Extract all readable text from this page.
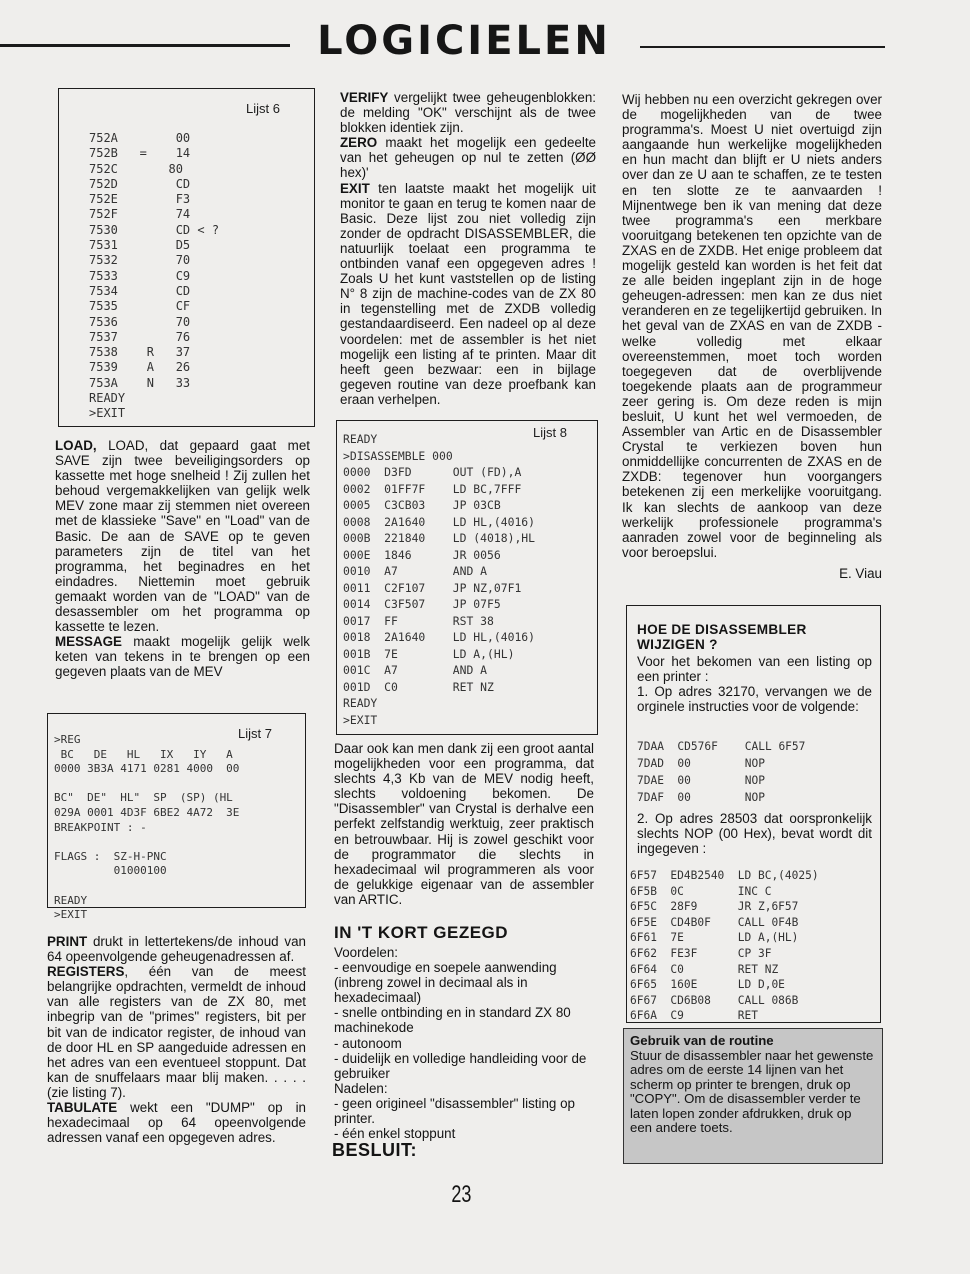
LOGICIELEN
Lijst 6
752A        00
752B   =    14
752C       80
752D        CD
752E        F3
752F        74
7530        CD < ?
7531        D5
7532        70
7533        C9
7534        CD
7535        CF
7536        70
7537        76
7538    R   37
7539    A   26
753A    N   33
READY
>EXIT

LOAD, LOAD, dat gepaard gaat met SAVE zijn twee beveiligingsorders op kassette met hoge snelheid ! Zij zullen het behoud vergemakkelijken van gelijk welk MEV zone maar zij stemmen niet overeen met de klassieke "Save" en "Load" van de Basic. De aan de SAVE op te geven parameters zijn de titel van het programma, het beginadres en het eindadres. Niettemin moet gebruik gemaakt worden van de "LOAD" van de desassembler om het programma op kassette te lezen.

MESSAGE maakt mogelijk gelijk welk keten van tekens in te brengen op een gegeven plaats van de MEV

Lijst 7
>REG
BC   DE   HL   IX   IY   A
0000 3B3A 4171 0281 4000  00

BC"  DE"  HL"  SP  (SP) (HL
029A 0001 4D3F 6BE2 4A72  3E
BREAKPOINT : -

FLAGS :  SZ-H-PNC
01000100

READY
>EXIT

PRINT drukt in lettertekens/de inhoud van 64 opeenvolgende geheugenadressen af.

REGISTERS, één van de meest belangrijke opdrachten, vermeldt de inhoud van alle registers van de ZX 80, met inbegrip van de "primes" registers, bit per bit van de indicator register, de inhoud van de door HL en SP aangeduide adressen en het adres van een eventueel stoppunt. Dat kan de snuffelaars maar blij maken. . . . . (zie listing 7).

TABULATE wekt een "DUMP" op in hexadecimaal op 64 opeenvolgende adressen vanaf een opgegeven adres.

VERIFY vergelijkt twee geheugenblokken: de melding "OK" verschijnt als de twee blokken identiek zijn.

ZERO maakt het mogelijk een gedeelte van het geheugen op nul te zetten (ØØ hex)'

EXIT ten laatste maakt het mogelijk uit monitor te gaan en terug te komen naar de Basic. Deze lijst zou niet volledig zijn zonder de opdracht DISASSEMBLER, die natuurlijk toelaat een programma te ontbinden vanaf een opgegeven adres ! Zoals U het kunt vaststellen op de listing N° 8 zijn de machine-codes van de ZX 80 in tegenstelling met de ZXDB volledig gestandaardiseerd. Een nadeel op al deze voordelen: met de assembler is het niet mogelijk een listing af te printen. Maar dit heeft geen bezwaar: een in bijlage gegeven routine van deze proefbank kan eraan verhelpen.

Lijst 8
READY
>DISASSEMBLE 000
0000  D3FD      OUT (FD),A
0002  01FF7F    LD BC,7FFF
0005  C3CB03    JP 03CB
0008  2A1640    LD HL,(4016)
000B  221840    LD (4018),HL
000E  1846      JR 0056
0010  A7        AND A
0011  C2F107    JP NZ,07F1
0014  C3F507    JP 07F5
0017  FF        RST 38
0018  2A1640    LD HL,(4016)
001B  7E        LD A,(HL)
001C  A7        AND A
001D  C0        RET NZ
READY
>EXIT

Daar ook kan men dank zij een groot aantal mogelijkheden voor een programma, dat slechts 4,3 Kb van de MEV nodig heeft, slechts voldoening bekomen. De "Disassembler" van Crystal is derhalve een perfekt zelfstandig werktuig, zeer praktisch en betrouwbaar. Hij is zowel geschikt voor de programmator die slechts in hexadecimaal wil programmeren als voor de gelukkige eigenaar van de assembler van ARTIC.

IN 'T KORT GEZEGD
Voordelen:
- eenvoudige en soepele aanwending (inbreng zowel in decimaal als in hexadecimaal)
- snelle ontbinding en in standard ZX 80 machinekode
- autonoom
- duidelijk en volledige handleiding voor de gebruiker
Nadelen:
- geen origineel "disassembler" listing op printer.
- één enkel stoppunt
BESLUIT:

Wij hebben nu een overzicht gekregen over de mogelijkheden van de twee programma's. Moest U niet overtuigd zijn aangaande hun werkelijke mogelijkheden en hun macht dan blijft er U niets anders over dan ze U aan te schaffen, ze te testen en ten slotte ze te aanvaarden ! Mijnentwege ben ik van mening dat deze twee programma's een merkbare vooruitgang betekenen ten opzichte van de ZXAS en de ZXDB. Het enige probleem dat mogelijk gesteld kan worden is het feit dat ze alle beiden ingeplant zijn in de hoge geheugen-adressen: men kan ze dus niet veranderen en ze tegelijkertijd gebruiken. In het geval van de ZXAS en van de ZXDB - welke volledig met elkaar overeenstemmen, moet toch worden toegegeven dat de overblijvende toegekende plaats aan de programmeur zeer gering is. Om deze reden is mijn besluit, U kunt het wel vermoeden, de Assembler van Artic en de Disassembler Crystal te verkiezen boven hun onmiddellijke concurrenten de ZXAS en de ZXDB: tegenover hun voorgangers betekenen zij een merkelijke vooruitgang. Ik kan slechts de aankoop van deze werkelijk professionele programma's aanraden zowel voor de beginneling als voor beroepslui.

E. Viau

HOE DE DISASSEMBLER WIJZIGEN ?

Voor het bekomen van een listing op een printer :

1. Op adres 32170, vervangen we de orginele instructies voor de volgende:

7DAA  CD576F    CALL 6F57
7DAD  00        NOP
7DAE  00        NOP
7DAF  00        NOP

2. Op adres 28503 dat oorspronkelijk slechts NOP (00 Hex), bevat wordt dit ingegeven :

6F57  ED4B2540  LD BC,(4025)
6F5B  0C        INC C
6F5C  28F9      JR Z,6F57
6F5E  CD4B0F    CALL 0F4B
6F61  7E        LD A,(HL)
6F62  FE3F      CP 3F
6F64  C0        RET NZ
6F65  160E      LD D,0E
6F67  CD6B08    CALL 086B
6F6A  C9        RET
Gebruik van de routine
Stuur de disassembler naar het gewenste adres om de eerste 14 lijnen van het scherm op printer te brengen, druk op "COPY". Om de disassembler verder te laten lopen zonder afdrukken, druk op een andere toets.
23
